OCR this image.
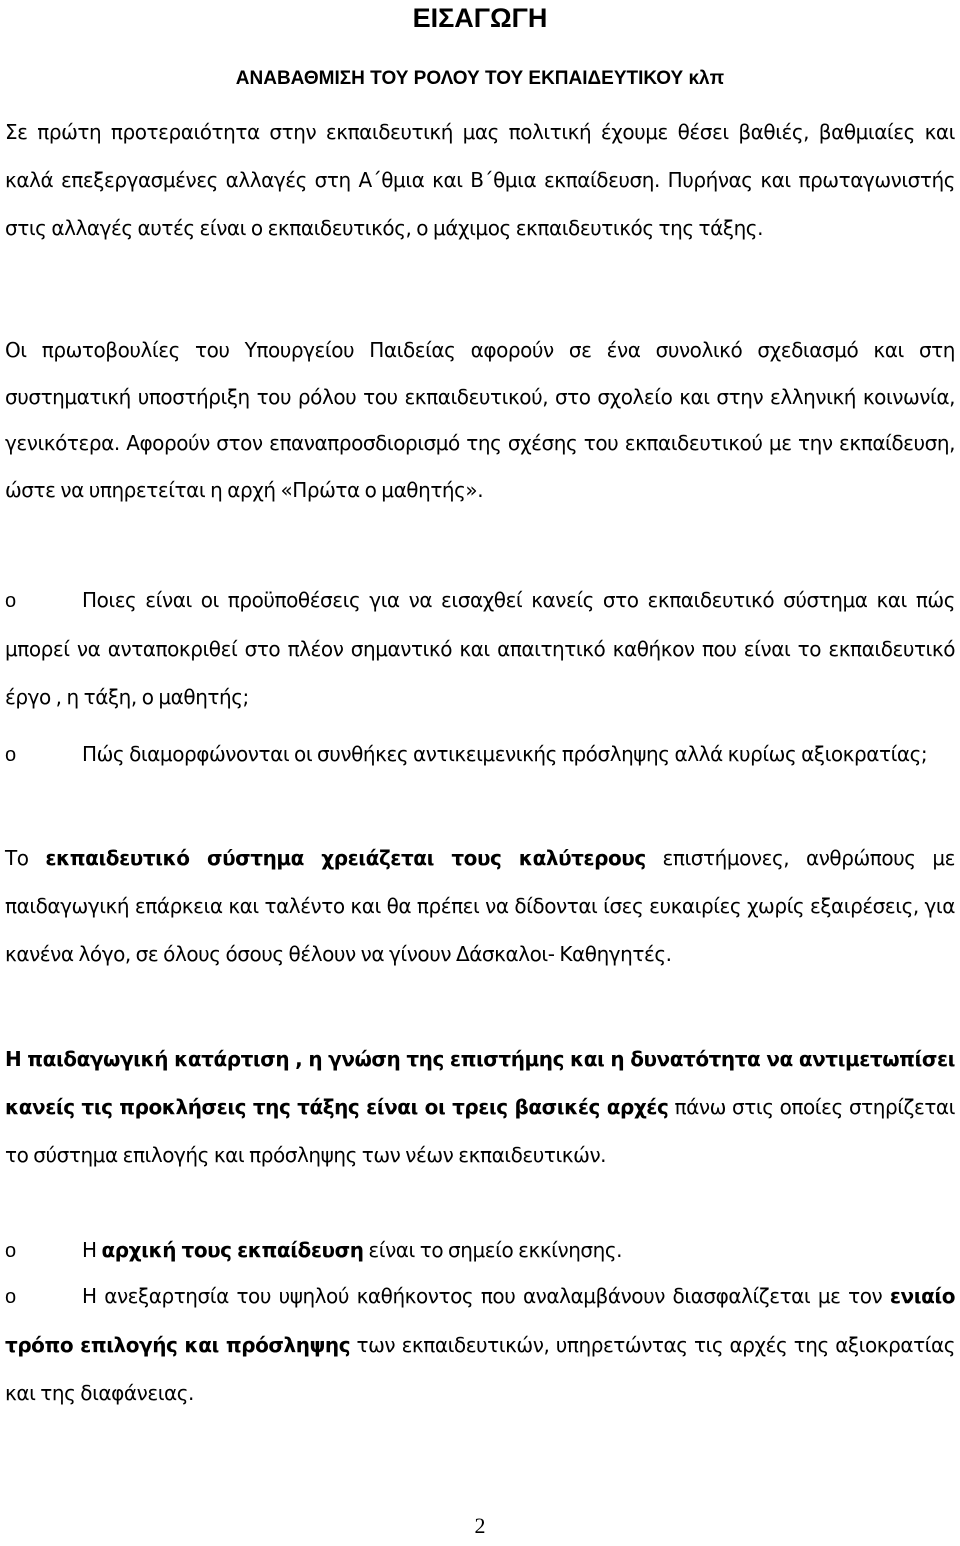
ΕΙΣΑΓΩΓΗ
ΑΝΑΒΑΘΜΙΣΗ ΤΟΥ ΡΟΛΟΥ ΤΟΥ ΕΚΠΑΙΔΕΥΤΙΚΟΥ κλπ
Σε πρώτη προτεραιότητα στην εκπαιδευτική μας πολιτική έχουμε θέσει βαθιές, βαθμιαίες και καλά επεξεργασμένες αλλαγές στη Α΄θμια και Β΄θμια εκπαίδευση. Πυρήνας και πρωταγωνιστής στις αλλαγές αυτές είναι ο εκπαιδευτικός, ο μάχιμος εκπαιδευτικός της τάξης.
Οι πρωτοβουλίες του Υπουργείου Παιδείας αφορούν σε ένα συνολικό σχεδιασμό και στη συστηματική υποστήριξη του ρόλου του εκπαιδευτικού, στο σχολείο και στην ελληνική κοινωνία, γενικότερα. Αφορούν στον επαναπροσδιορισμό της σχέσης του εκπαιδευτικού με την εκπαίδευση, ώστε να υπηρετείται η αρχή «Πρώτα ο μαθητής».
o	Ποιες είναι οι προϋποθέσεις για να εισαχθεί κανείς στο εκπαιδευτικό σύστημα και πώς μπορεί να ανταποκριθεί στο πλέον σημαντικό και απαιτητικό καθήκον που είναι το εκπαιδευτικό έργο , η τάξη, ο μαθητής;
o	Πώς διαμορφώνονται οι συνθήκες αντικειμενικής πρόσληψης αλλά κυρίως αξιοκρατίας;
Το εκπαιδευτικό σύστημα χρειάζεται τους καλύτερους επιστήμονες, ανθρώπους με παιδαγωγική επάρκεια και ταλέντο και θα πρέπει να δίδονται ίσες ευκαιρίες χωρίς εξαιρέσεις, για κανένα λόγο, σε όλους όσους θέλουν να γίνουν Δάσκαλοι- Καθηγητές.
Η παιδαγωγική κατάρτιση , η γνώση της επιστήμης και η δυνατότητα να αντιμετωπίσει κανείς τις προκλήσεις της τάξης είναι οι τρεις βασικές αρχές πάνω στις οποίες στηρίζεται το σύστημα επιλογής και πρόσληψης των νέων εκπαιδευτικών.
o	Η αρχική τους εκπαίδευση είναι το σημείο εκκίνησης.
o	Η ανεξαρτησία του υψηλού καθήκοντος που αναλαμβάνουν διασφαλίζεται με τον ενιαίο τρόπο επιλογής και πρόσληψης των εκπαιδευτικών, υπηρετώντας τις αρχές της αξιοκρατίας και της διαφάνειας.
2
